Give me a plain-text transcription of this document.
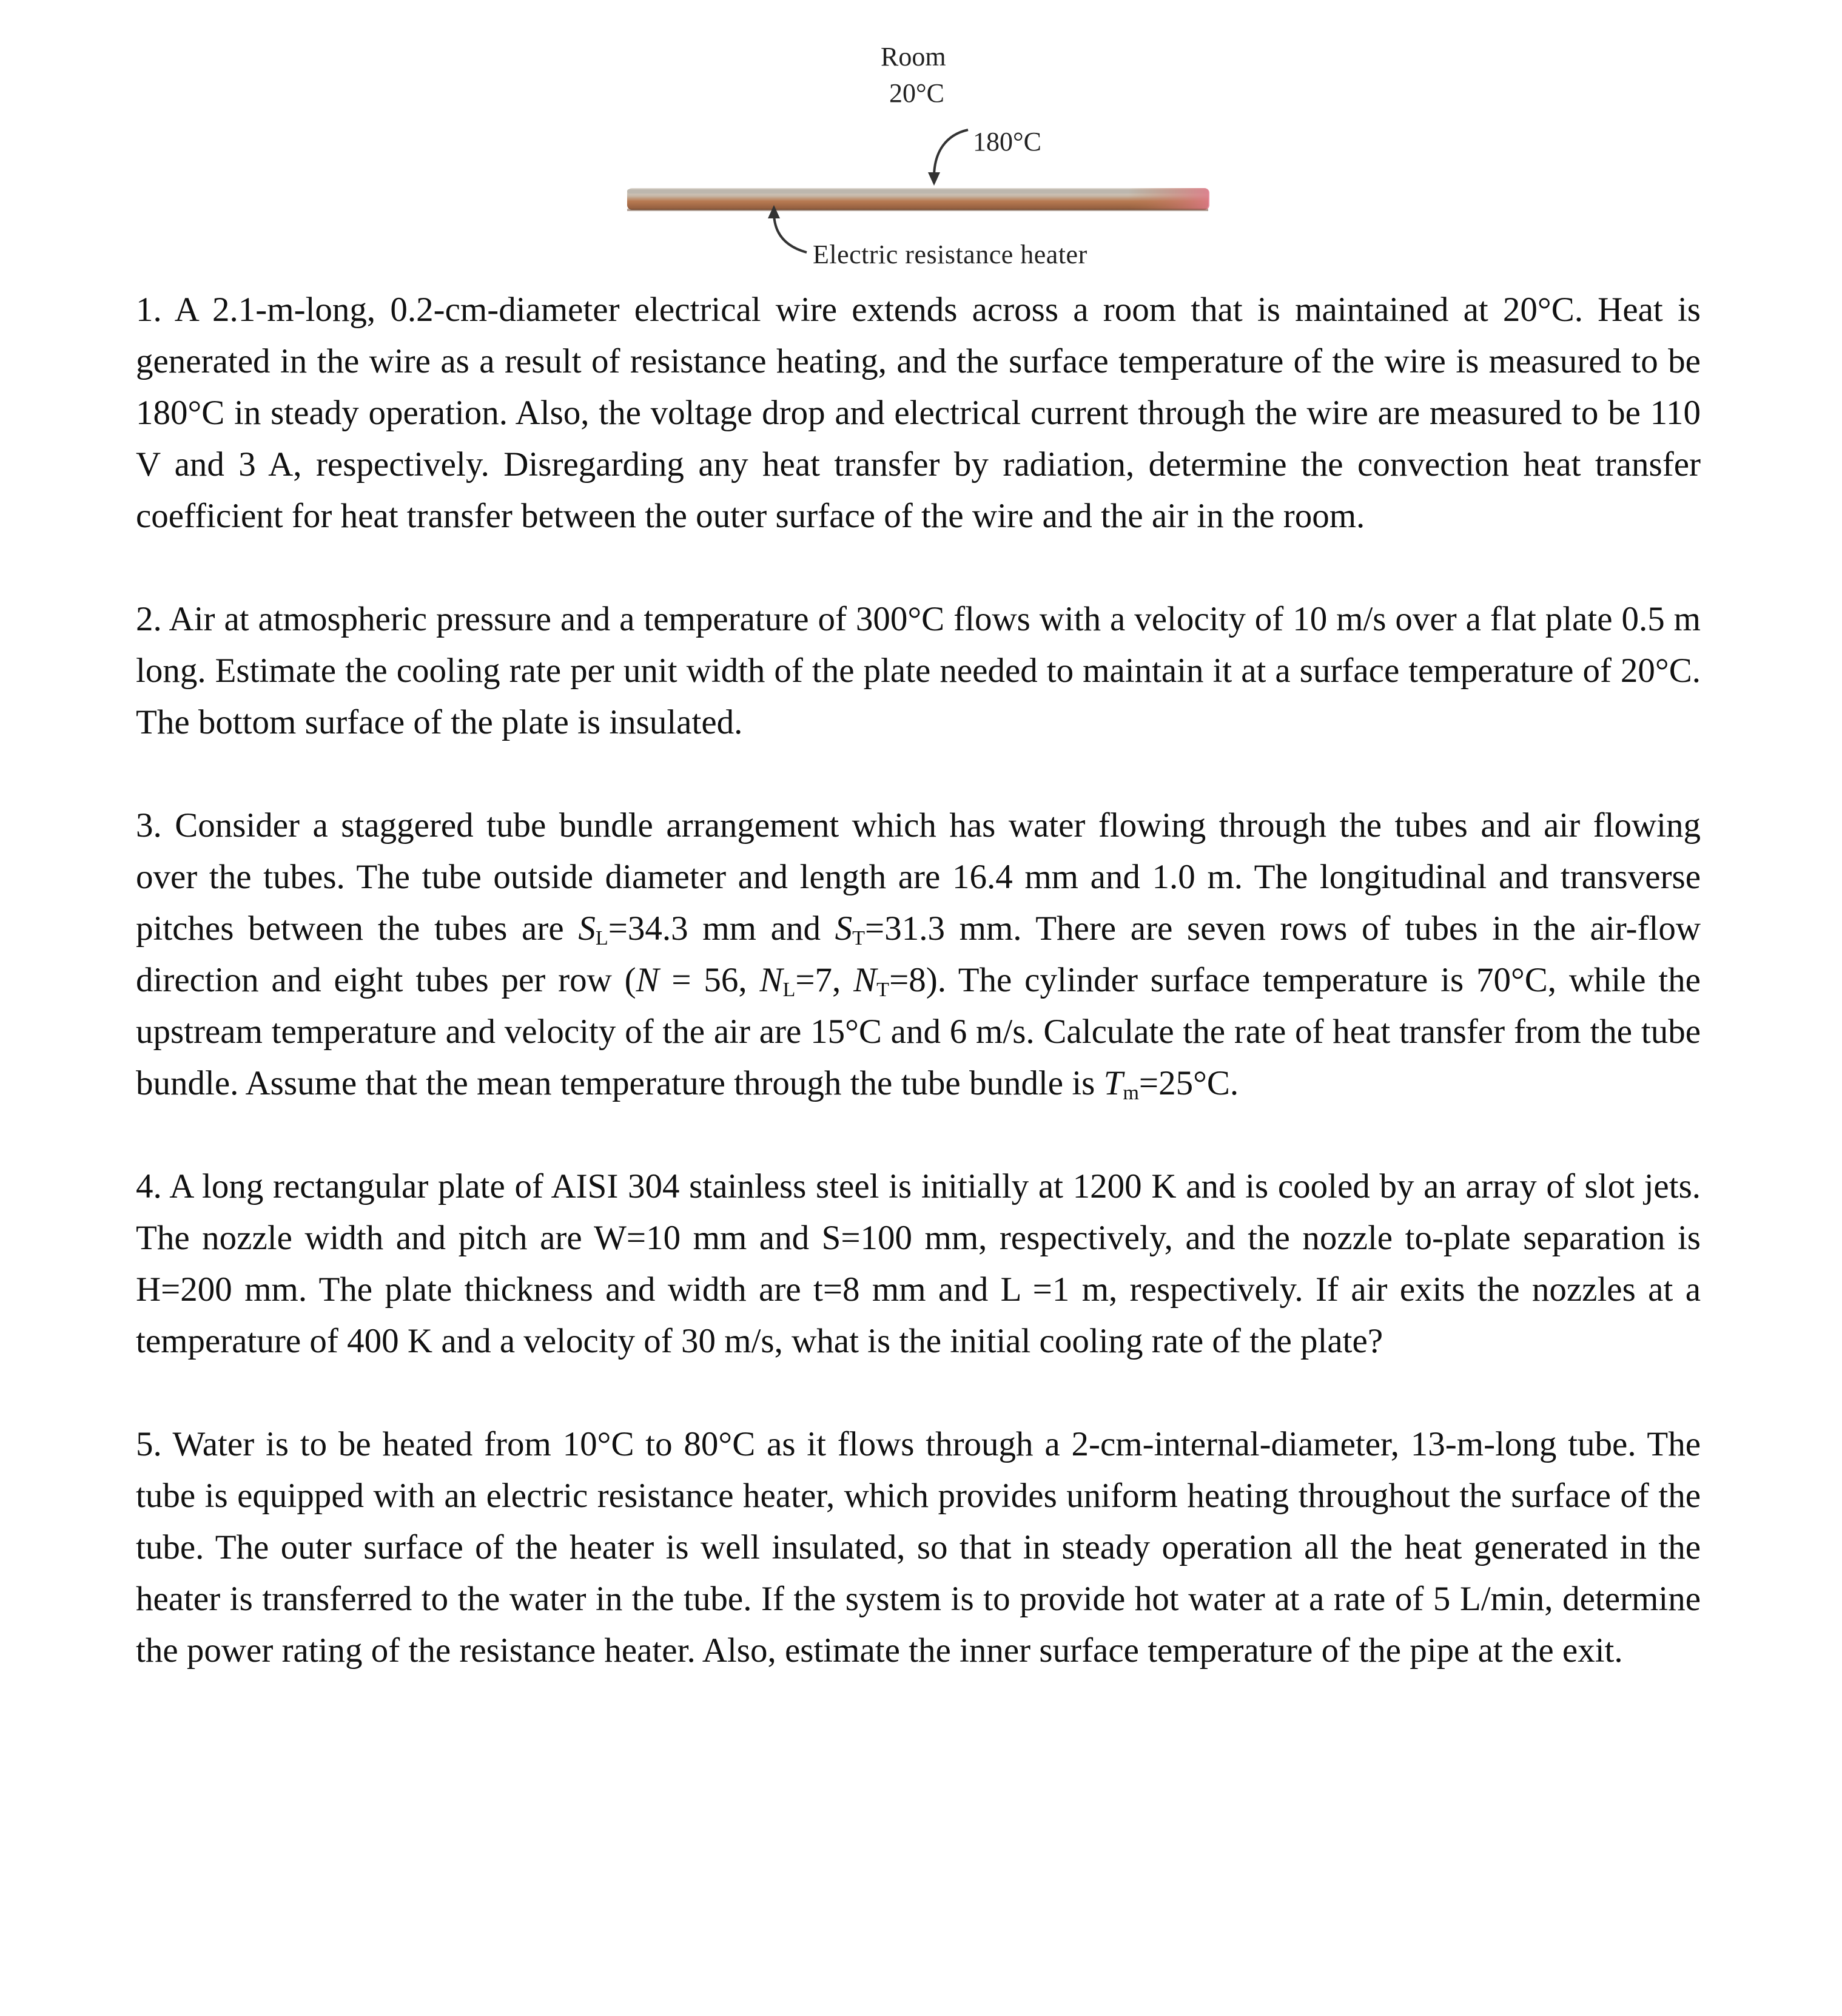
Room
20°C
180°C
Electric resistance heater

1. A 2.1-m-long, 0.2-cm-diameter electrical wire extends across a room that is maintained at 20°C. Heat is generated in the wire as a result of resistance heating, and the surface temperature of the wire is measured to be 180°C in steady operation. Also, the voltage drop and electrical current through the wire are measured to be 110 V and 3 A, respectively. Disregarding any heat transfer by radiation, determine the convection heat transfer coefficient for heat transfer between the outer surface of the wire and the air in the room.

2. Air at atmospheric pressure and a temperature of 300°C flows with a velocity of 10 m/s over a flat plate 0.5 m long. Estimate the cooling rate per unit width of the plate needed to maintain it at a surface temperature of 20°C. The bottom surface of the plate is insulated.

3. Consider a staggered tube bundle arrangement which has water flowing through the tubes and air flowing over the tubes. The tube outside diameter and length are 16.4 mm and 1.0 m. The longitudinal and transverse pitches between the tubes are $S_L=34.3$ mm and $S_T=31.3$ mm. There are seven rows of tubes in the air-flow direction and eight tubes per row (N = 56, $N_L=7$, $N_T=8$). The cylinder surface temperature is 70°C, while the upstream temperature and velocity of the air are 15°C and 6 m/s. Calculate the rate of heat transfer from the tube bundle. Assume that the mean temperature through the tube bundle is $T_m=25^\circ C$.

4. A long rectangular plate of AISI 304 stainless steel is initially at 1200 K and is cooled by an array of slot jets. The nozzle width and pitch are W=10 mm and S=100 mm, respectively, and the nozzle to-plate separation is H=200 mm. The plate thickness and width are t=8 mm and L =1 m, respectively. If air exits the nozzles at a temperature of 400 K and a velocity of 30 m/s, what is the initial cooling rate of the plate?

5. Water is to be heated from 10°C to 80°C as it flows through a 2-cm-internal-diameter, 13-m-long tube. The tube is equipped with an electric resistance heater, which provides uniform heating throughout the surface of the tube. The outer surface of the heater is well insulated, so that in steady operation all the heat generated in the heater is transferred to the water in the tube. If the system is to provide hot water at a rate of 5 L/min, determine the power rating of the resistance heater. Also, estimate the inner surface temperature of the pipe at the exit.
